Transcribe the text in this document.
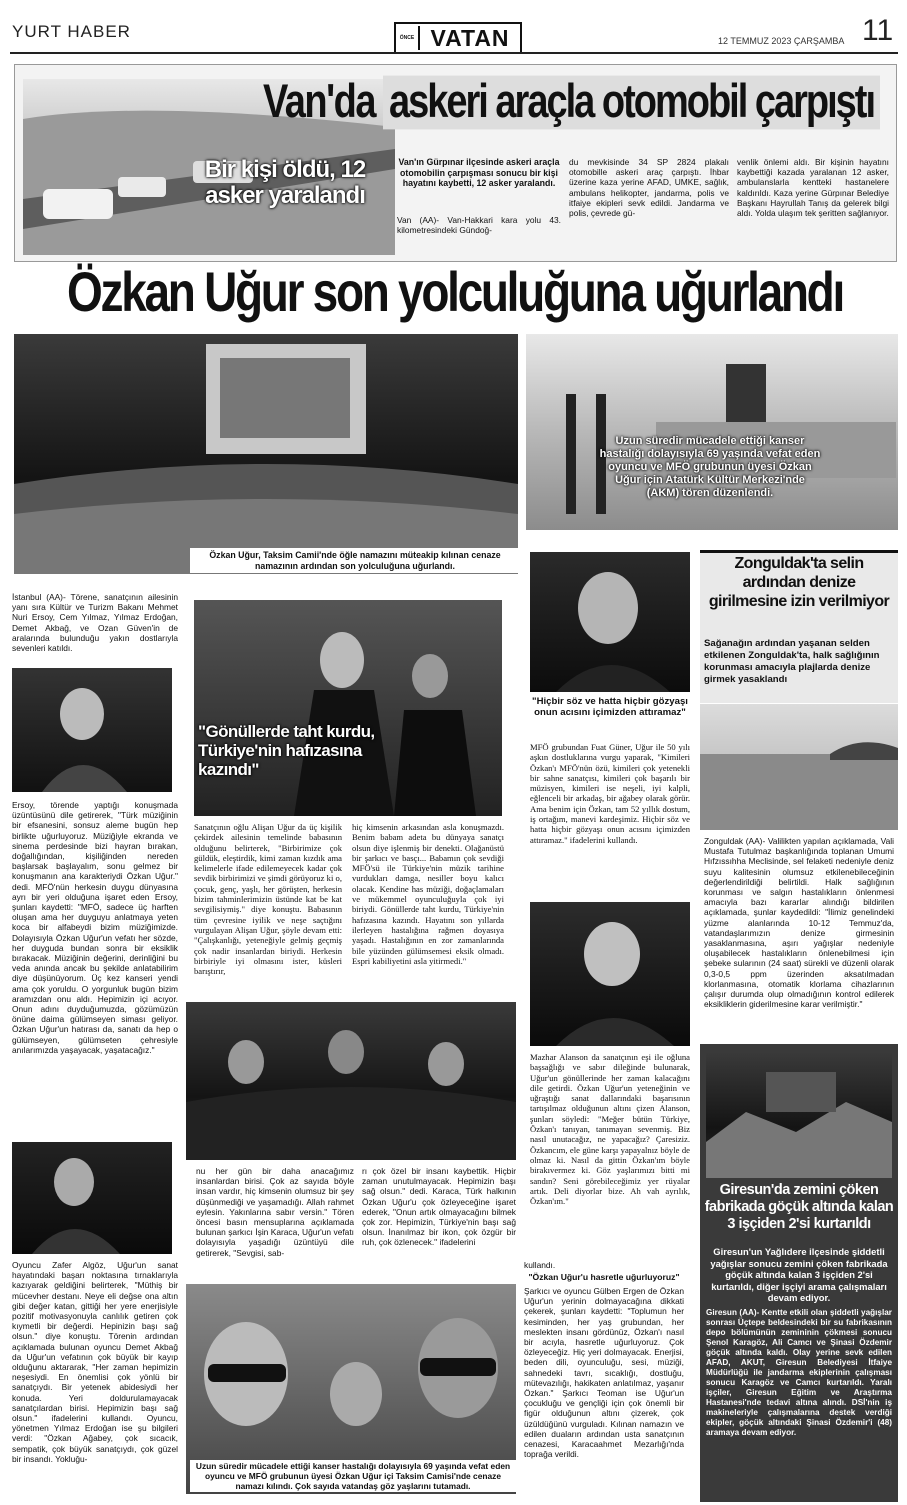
YURT HABER	ÖNCE VATAN	12 TEMMUZ 2023 ÇARŞAMBA 11
Van'da askeri araçla otomobil çarpıştı
Bir kişi öldü, 12 asker yaralandı
Van'ın Gürpınar ilçesinde askeri araçla otomobilin çarpışması sonucu bir kişi hayatını kaybetti, 12 asker yaralandı.
Van (AA)- Van-Hakkari kara yolu 43. kilometresindeki Gündoğ-
du mevkisinde 34 SP 2824 plakalı otomobille askeri araç çarpıştı. İhbar üzerine kaza yerine AFAD, UMKE, sağlık, ambulans helikopter, jandarma, polis ve itfaiye ekipleri sevk edildi. Jandarma ve polis, çevrede gü-
venlik önlemi aldı. Bir kişinin hayatını kaybettiği kazada yaralanan 12 asker, ambulanslarla kentteki hastanelere kaldırıldı. Kaza yerine Gürpınar Belediye Başkanı Hayrullah Tanış da gelerek bilgi aldı. Yolda ulaşım tek şeritten sağlanıyor.
Özkan Uğur son yolculuğuna uğurlandı
Özkan Uğur, Taksim Camii'nde öğle namazını müteakip kılınan cenaze namazının ardından son yolculuğuna uğurlandı.
Uzun süredir mücadele ettiği kanser hastalığı dolayısıyla 69 yaşında vefat eden oyuncu ve MFÖ grubunun üyesi Özkan Uğur için Atatürk Kültür Merkezi'nde (AKM) tören düzenlendi.
İstanbul (AA)- Törene, sanatçının ailesinin yanı sıra Kültür ve Turizm Bakanı Mehmet Nuri Ersoy, Cem Yılmaz, Yılmaz Erdoğan, Demet Akbağ, ve Ozan Güven'in de aralarında bulunduğu yakın dostlarıyla sevenleri katıldı.
Ersoy, törende yaptığı konuşmada üzüntüsünü dile getirerek, "Türk müziğinin bir efsanesini, sonsuz aleme bugün hep birlikte uğurluyoruz. Müziğiyle ekranda ve sinema perdesinde bizi hayran bırakan, doğallığından, kişiliğinden nereden başlarsak başlayalım, sonu gelmez bir konuşmanın ana karakteriydi Özkan Uğur." dedi. MFÖ'nün herkesin duygu dünyasına ayrı bir yeri olduğuna işaret eden Ersoy, şunları kaydetti: "MFÖ, sadece üç harften oluşan ama her duyguyu anlatmaya yeten koca bir alfabeydi bizim müziğimizde. Dolayısıyla Özkan Uğur'un vefatı her sözde, her duyguda bundan sonra bir eksiklik bırakacak. Müziğinin değerini, derinliğini bu veda anında ancak bu şekilde anlatabilirim diye düşünüyorum. Üç kez kanseri yendi ama çok yoruldu. O yorgunluk bugün bizim aramızdan onu aldı. Hepimizin içi acıyor. Onun adını duyduğumuzda, gözümüzün önüne daima gülümseyen siması geliyor. Özkan Uğur'un hatırası da, sanatı da hep o gülümseyen, gülümseten çehresiyle anılarımızda yaşayacak, yaşatacağız."
Oyuncu Zafer Algöz, Uğur'un sanat hayatındaki başarı noktasına tırnaklarıyla kazıyarak geldiğini belirterek, "Müthiş bir mücevher destanı. Neye eli değse ona altın gibi değer katan, gittiği her yere enerjisiyle pozitif motivasyonuyla canlılık getiren çok kıymetli bir değerdi. Hepinizin başı sağ olsun." diye konuştu. Törenin ardından açıklamada bulunan oyuncu Demet Akbağ da Uğur'un vefatının çok büyük bir kayıp olduğunu aktararak, "Her zaman hepimizin neşesiydi. En önemlisi çok yönlü bir sanatçıydı. Bir yetenek abidesiydi her konuda. Yeri doldurulamayacak sanatçılardan birisi. Hepimizin başı sağ olsun." ifadelerini kullandı. Oyuncu, yönetmen Yılmaz Erdoğan ise şu bilgileri verdi: "Özkan Ağabey, çok sıcacık, sempatik, çok büyük sanatçıydı, çok güzel bir insandı. Yokluğu-
"Gönüllerde taht kurdu, Türkiye'nin hafızasına kazındı"
Sanatçının oğlu Alişan Uğur da üç kişilik çekirdek ailesinin temelinde babasının olduğunu belirterek, "Birbirimize çok güldük, eleştirdik, kimi zaman kızdık ama kelimelerle ifade edilemeyecek kadar çok sevdik birbirimizi ve şimdi görüyoruz ki o, çocuk, genç, yaşlı, her görüşten, herkesin bizim tahminlerimizin üstünde kat be kat sevgilisiymiş." diye konuştu. Babasının tüm çevresine iyilik ve neşe saçtığını vurgulayan Alişan Uğur, şöyle devam etti: "Çalışkanlığı, yeteneğiyle gelmiş geçmiş çok nadir insanlardan biriydi. Herkesin birbiriyle iyi olmasını ister, küsleri barıştırır,
hiç kimsenin arkasından asla konuşmazdı. Benim babam adeta bu dünyaya sanatçı olsun diye işlenmiş bir denekti. Olağanüstü bir şarkıcı ve basçı... Babamın çok sevdiği MFÖ'sü ile Türkiye'nin müzik tarihine vurdukları damga, nesiller boyu kalıcı olacak. Kendine has müziği, doğaçlamaları ve mükemmel oyunculuğuyla çok iyi biriydi. Gönüllerde taht kurdu, Türkiye'nin hafızasına kazındı. Hayatını son yıllarda ilerleyen hastalığına rağmen doyasıya yaşadı. Hastalığının en zor zamanlarında bile yüzünden gülümsemesi eksik olmadı. Espri kabiliyetini asla yitirmedi."
"Hiçbir söz ve hatta hiçbir gözyaşı onun acısını içimizden attıramaz"
MFÖ grubundan Fuat Güner, Uğur ile 50 yılı aşkın dostluklarına vurgu yaparak, "Kimileri Özkan'ı MFÖ'nün özü, kimileri çok yetenekli bir sahne sanatçısı, kimileri çok başarılı bir müzisyen, kimileri ise neşeli, iyi kalpli, eğlenceli bir arkadaş, bir ağabey olarak görür. Ama benim için Özkan, tam 52 yıllık dostum, iş ortağım, manevi kardeşimiz. Hiçbir söz ve hatta hiçbir gözyaşı onun acısını içimizden attıramaz." ifadelerini kullandı.
Mazhar Alanson da sanatçının eşi ile oğluna başsağlığı ve sabır dileğinde bulunarak, Uğur'un gönüllerinde her zaman kalacağını dile getirdi. Özkan Uğur'un yeteneğinin ve uğraştığı sanat dallarındaki başarısının tartışılmaz olduğunun altını çizen Alanson, şunları söyledi: "Meğer bütün Türkiye, Özkan'ı tanıyan, tanımayan sevenmiş. Biz nasıl unutacağız, ne yapacağız? Çaresiziz. Özkancım, ele güne karşı yapayalnız böyle de olmaz ki. Nasıl da gittin Özkan'ım böyle birakıvermez ki. Göz yaşlarımızı bitti mi sandın? Seni görebileceğimiz yer rüyalar artık. Deli diyorlar bize. Ah vah ayrılık, Özkan'ım."
nu her gün bir daha anacağımız insanlardan birisi. Çok az sayıda böyle insan vardır, hiç kimsenin olumsuz bir şey düşünmediği ve yaşamadığı. Allah rahmet eylesin. Yakınlarına sabır versin." Tören öncesi basın mensuplarına açıklamada bulunan şarkıcı İşin Karaca, Uğur'un vefatı dolayısıyla yaşadığı üzüntüyü dile getirerek, "Sevgisi, sab-
rı çok özel bir insanı kaybettik. Hiçbir zaman unutulmayacak. Hepimizin başı sağ olsun." dedi. Karaca, Türk halkının Özkan Uğur'u çok özleyeceğine işaret ederek, "Onun artık olmayacağını bilmek çok zor. Hepimizin, Türkiye'nin başı sağ olsun. İnanılmaz bir ikon, çok özgür bir ruh, çok özlenecek." ifadelerini
Uzun süredir mücadele ettiği kanser hastalığı dolayısıyla 69 yaşında vefat eden oyuncu ve MFÖ grubunun üyesi Özkan Uğur içi Taksim Camisi'nde cenaze namazı kılındı. Çok sayıda vatandaş göz yaşlarını tutamadı.
kullandı.
"Özkan Uğur'u hasretle uğurluyoruz"
Şarkıcı ve oyuncu Gülben Ergen de Özkan Uğur'un yerinin dolmayacağına dikkati çekerek, şunları kaydetti: "Toplumun her kesiminden, her yaş grubundan, her meslekten insanı gördünüz, Özkan'ı nasıl bir acıyla, hasretle uğurluyoruz. Çok özleyeceğiz. Hiç yeri dolmayacak. Enerjisi, beden dili, oyunculuğu, sesi, müziği, sahnedeki tavrı, sıcaklığı, dostluğu, mütevazılığı, hakikaten anlatılmaz, yaşanır Özkan." Şarkıcı Teoman ise Uğur'un çocukluğu ve gençliği için çok önemli bir figür olduğunun altını çizerek, çok üzüldüğünü vurguladı. Kılınan namazın ve edilen duaların ardından usta sanatçının cenazesi, Karacaahmet Mezarlığı'nda toprağa verildi.
Zonguldak'ta selin ardından denize girilmesine izin verilmiyor
Sağanağın ardından yaşanan selden etkilenen Zonguldak'ta, halk sağlığının korunması amacıyla plajlarda denize girmek yasaklandı
Zonguldak (AA)- Valilikten yapılan açıklamada, Vali Mustafa Tutulmaz başkanlığında toplanan Umumi Hıfzıssıhha Meclisinde, sel felaketi nedeniyle deniz suyu kalitesinin olumsuz etkilenebileceğinin değerlendirildiği belirtildi. Halk sağlığının korunması ve salgın hastalıkların önlenmesi amacıyla bazı kararlar alındığı bildirilen açıklamada, şunlar kaydedildi: "İlimiz genelindeki yüzme alanlarında 10-12 Temmuz'da, vatandaşlarımızın denize girmesinin yasaklanmasına, aşırı yağışlar nedeniyle oluşabilecek hastalıkların önlenebilmesi için şebeke sularının (24 saat) sürekli ve düzenli olarak 0,3-0,5 ppm üzerinden aksatılmadan klorlanmasına, otomatik klorlama cihazlarının çalışır durumda olup olmadığının kontrol edilerek eksikliklerin giderilmesine karar verilmiştir."
Giresun'da zemini çöken fabrikada göçük altında kalan 3 işçiden 2'si kurtarıldı
Giresun'un Yağlıdere ilçesinde şiddetli yağışlar sonucu zemini çöken fabrikada göçük altında kalan 3 işçiden 2'si kurtarıldı, diğer işçiyi arama çalışmaları devam ediyor.
Giresun (AA)- Kentte etkili olan şiddetli yağışlar sonrası Üçtepe beldesindeki bir su fabrikasının depo bölümünün zemininin çökmesi sonucu Şenol Karagöz, Ali Camcı ve Şinasi Özdemir göçük altında kaldı. Olay yerine sevk edilen AFAD, AKUT, Giresun Belediyesi İtfaiye Müdürlüğü ile jandarma ekiplerinin çalışması sonucu Karagöz ve Camcı kurtarıldı. Yaralı işçiler, Giresun Eğitim ve Araştırma Hastanesi'nde tedavi altına alındı. DSİ'nin iş makineleriyle çalışmalarına destek verdiği ekipler, göçük altındaki Şinasi Özdemir'i (48) aramaya devam ediyor.
